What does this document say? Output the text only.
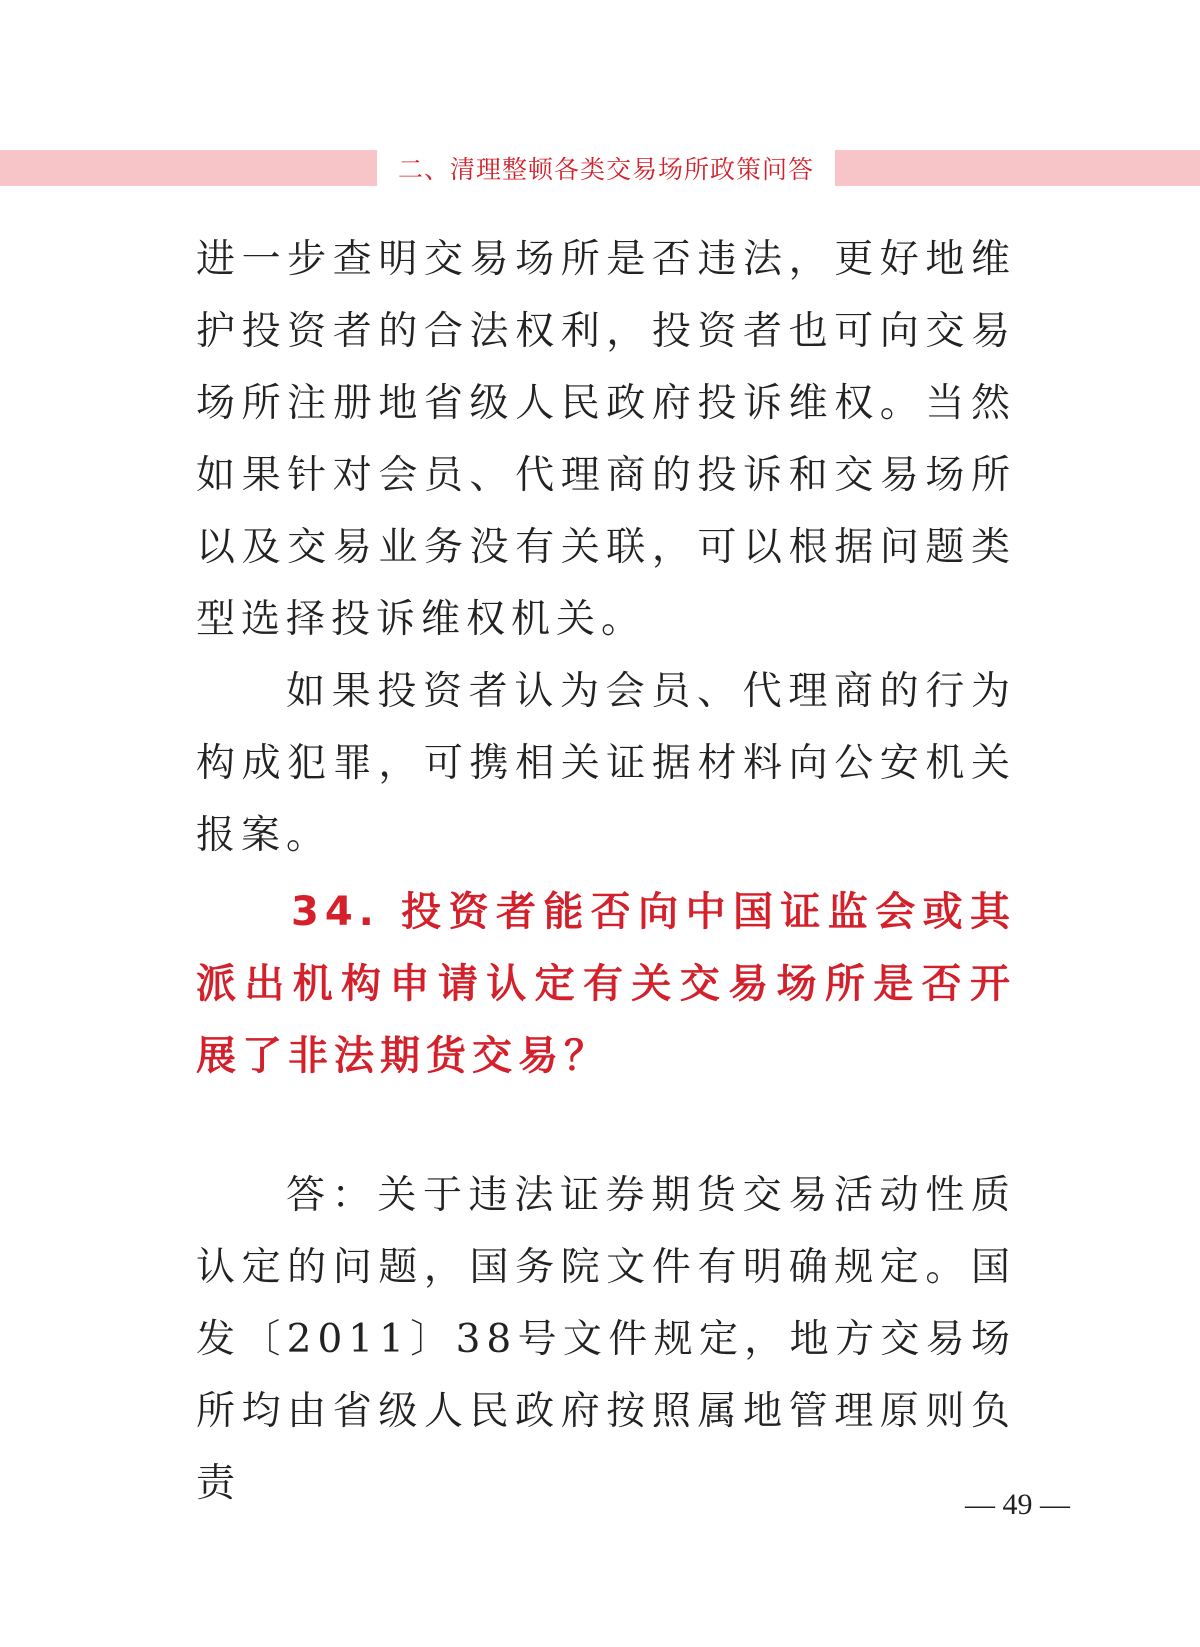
二、清理整顿各类交易场所政策问答

进一步查明交易场所是否违法，更好地维护投资者的合法权利，投资者也可向交易场所注册地省级人民政府投诉维权。当然如果针对会员、代理商的投诉和交易场所以及交易业务没有关联，可以根据问题类型选择投诉维权机关。

如果投资者认为会员、代理商的行为构成犯罪，可携相关证据材料向公安机关报案。

34. 投资者能否向中国证监会或其派出机构申请认定有关交易场所是否开展了非法期货交易？

答：关于违法证券期货交易活动性质认定的问题，国务院文件有明确规定。国发〔2011〕38号文件规定，地方交易场所均由省级人民政府按照属地管理原则负责	— 49 —
